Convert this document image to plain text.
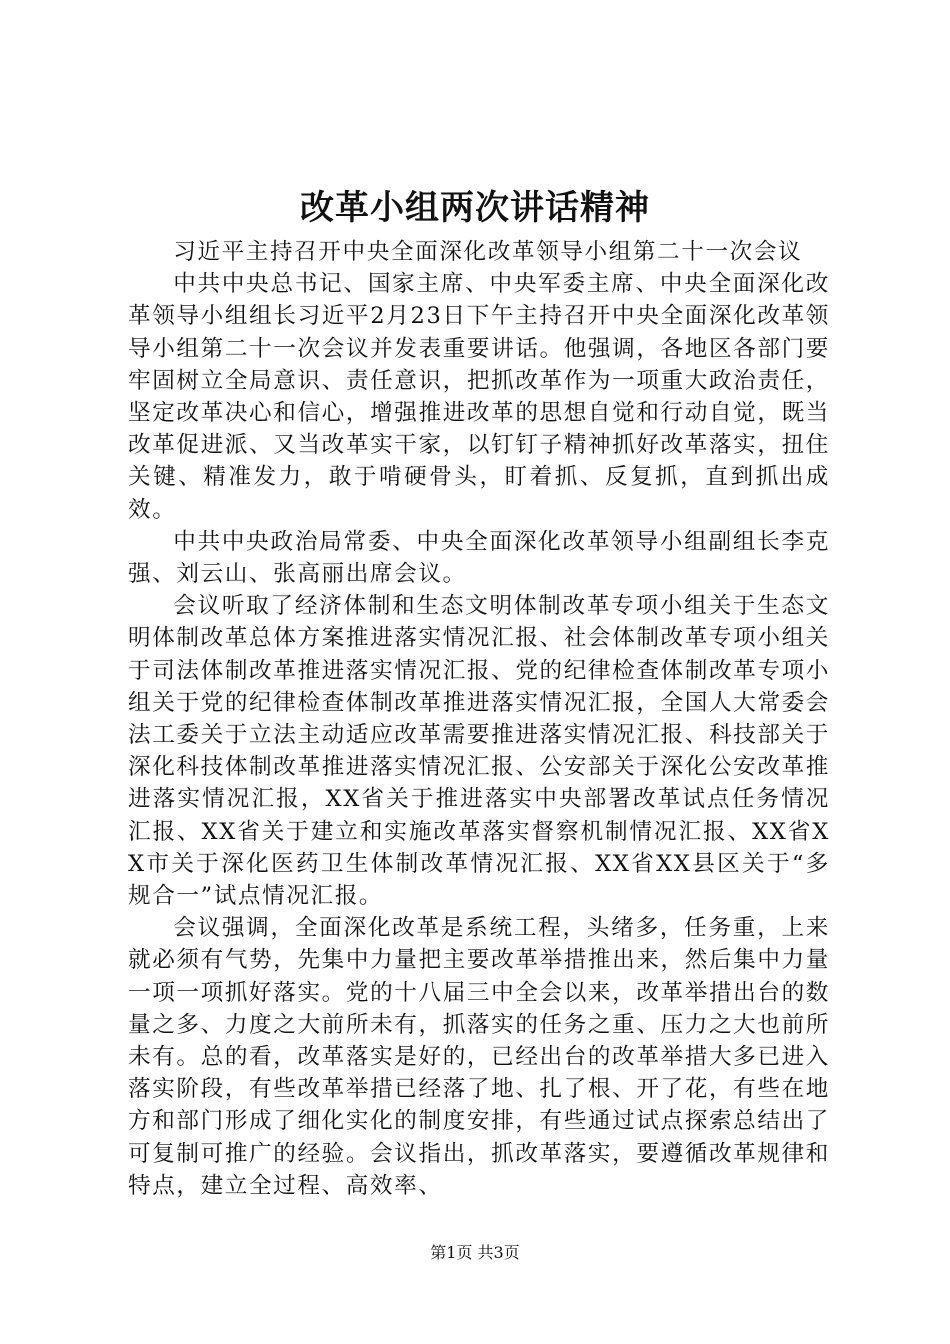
改革小组两次讲话精神

习近平主持召开中央全面深化改革领导小组第二十一次会议

中共中央总书记、国家主席、中央军委主席、中央全面深化改革领导小组组长习近平2月23日下午主持召开中央全面深化改革领导小组第二十一次会议并发表重要讲话。他强调，各地区各部门要牢固树立全局意识、责任意识，把抓改革作为一项重大政治责任，坚定改革决心和信心，增强推进改革的思想自觉和行动自觉，既当改革促进派、又当改革实干家，以钉钉子精神抓好改革落实，扭住关键、精准发力，敢于啃硬骨头，盯着抓、反复抓，直到抓出成效。

中共中央政治局常委、中央全面深化改革领导小组副组长李克强、刘云山、张高丽出席会议。

会议听取了经济体制和生态文明体制改革专项小组关于生态文明体制改革总体方案推进落实情况汇报、社会体制改革专项小组关于司法体制改革推进落实情况汇报、党的纪律检查体制改革专项小组关于党的纪律检查体制改革推进落实情况汇报，全国人大常委会法工委关于立法主动适应改革需要推进落实情况汇报、科技部关于深化科技体制改革推进落实情况汇报、公安部关于深化公安改革推进落实情况汇报，XX省关于推进落实中央部署改革试点任务情况汇报、XX省关于建立和实施改革落实督察机制情况汇报、XX省XX市关于深化医药卫生体制改革情况汇报、XX省XX县区关于“多规合一”试点情况汇报。

会议强调，全面深化改革是系统工程，头绪多，任务重，上来就必须有气势，先集中力量把主要改革举措推出来，然后集中力量一项一项抓好落实。党的十八届三中全会以来，改革举措出台的数量之多、力度之大前所未有，抓落实的任务之重、压力之大也前所未有。总的看，改革落实是好的，已经出台的改革举措大多已进入落实阶段，有些改革举措已经落了地、扎了根、开了花，有些在地方和部门形成了细化实化的制度安排，有些通过试点探索总结出了可复制可推广的经验。会议指出，抓改革落实，要遵循改革规律和特点，建立全过程、高效率、

第1页 共3页
